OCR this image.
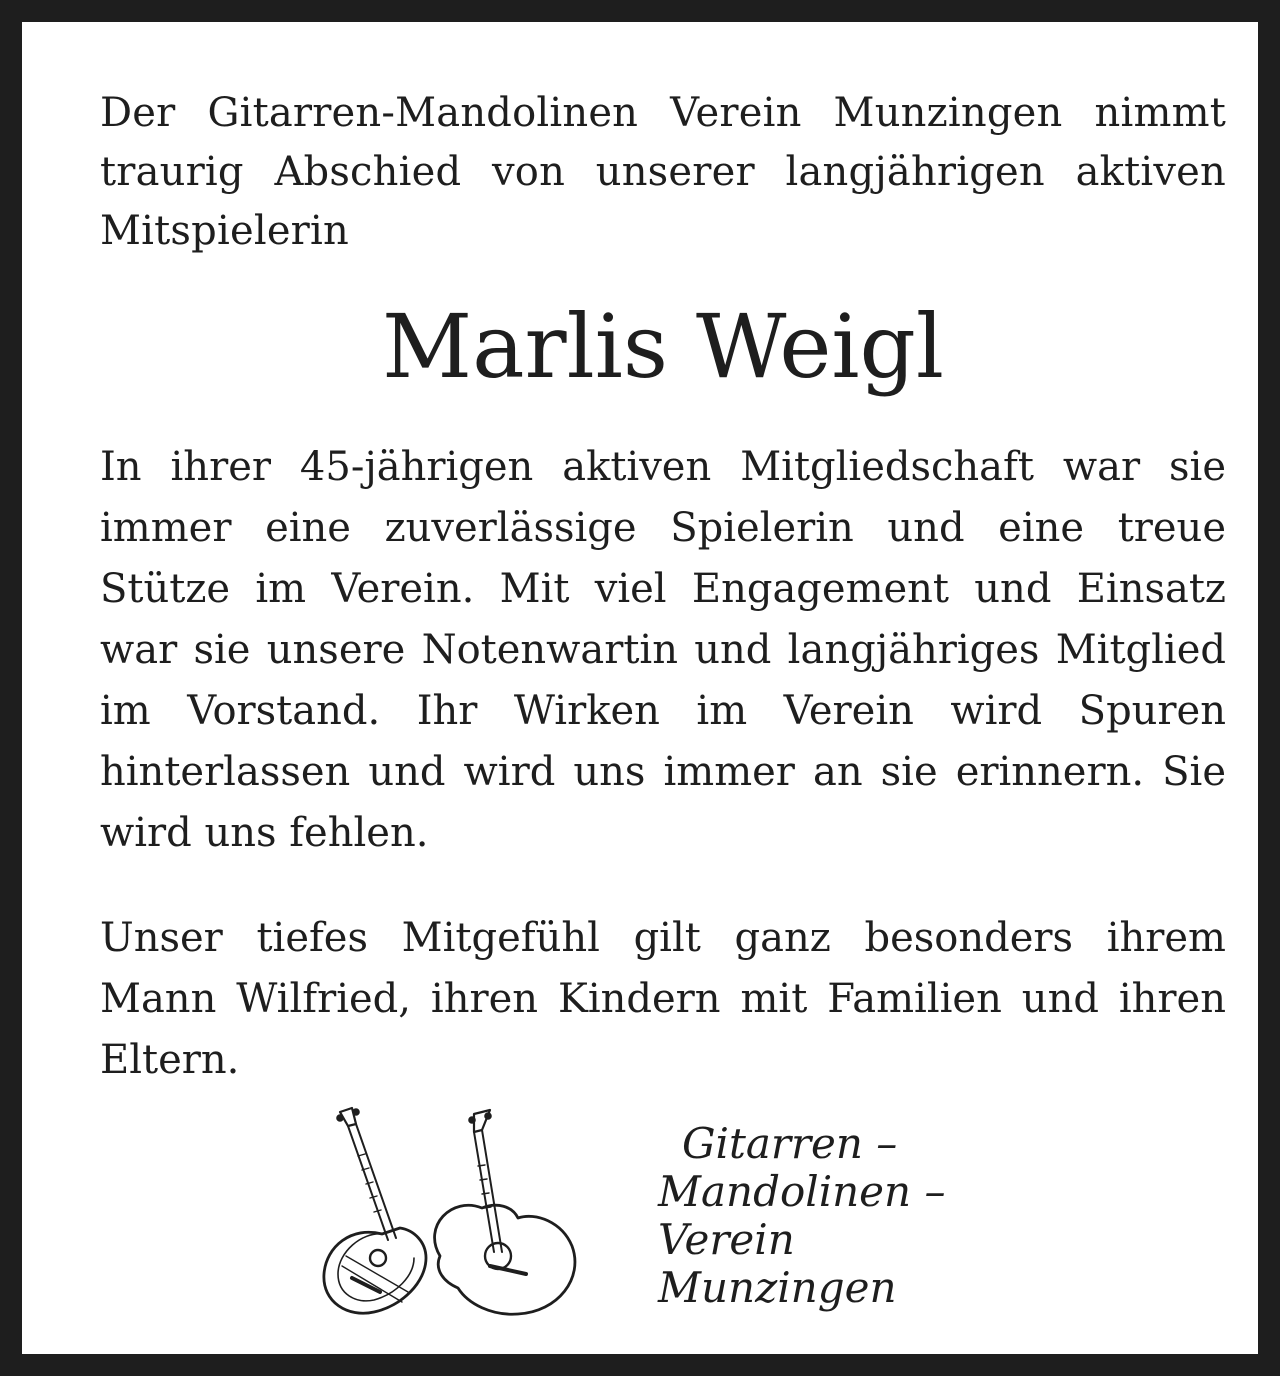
Der Gitarren-Mandolinen Verein Munzingen nimmt traurig Abschied von unserer langjährigen aktiven Mitspielerin

Marlis Weigl

In ihrer 45-jährigen aktiven Mitgliedschaft war sie immer eine zuverlässige Spielerin und eine treue Stütze im Verein. Mit viel Engagement und Einsatz war sie unsere Notenwartin und langjähriges Mitglied im Vorstand. Ihr Wirken im Verein wird Spuren hinterlassen und wird uns immer an sie erinnern. Sie wird uns fehlen.

Unser tiefes Mitgefühl gilt ganz besonders ihrem Mann Wilfried, ihren Kindern mit Familien und ihren Eltern.

Gitarren –
Mandolinen –
Verein
Munzingen
